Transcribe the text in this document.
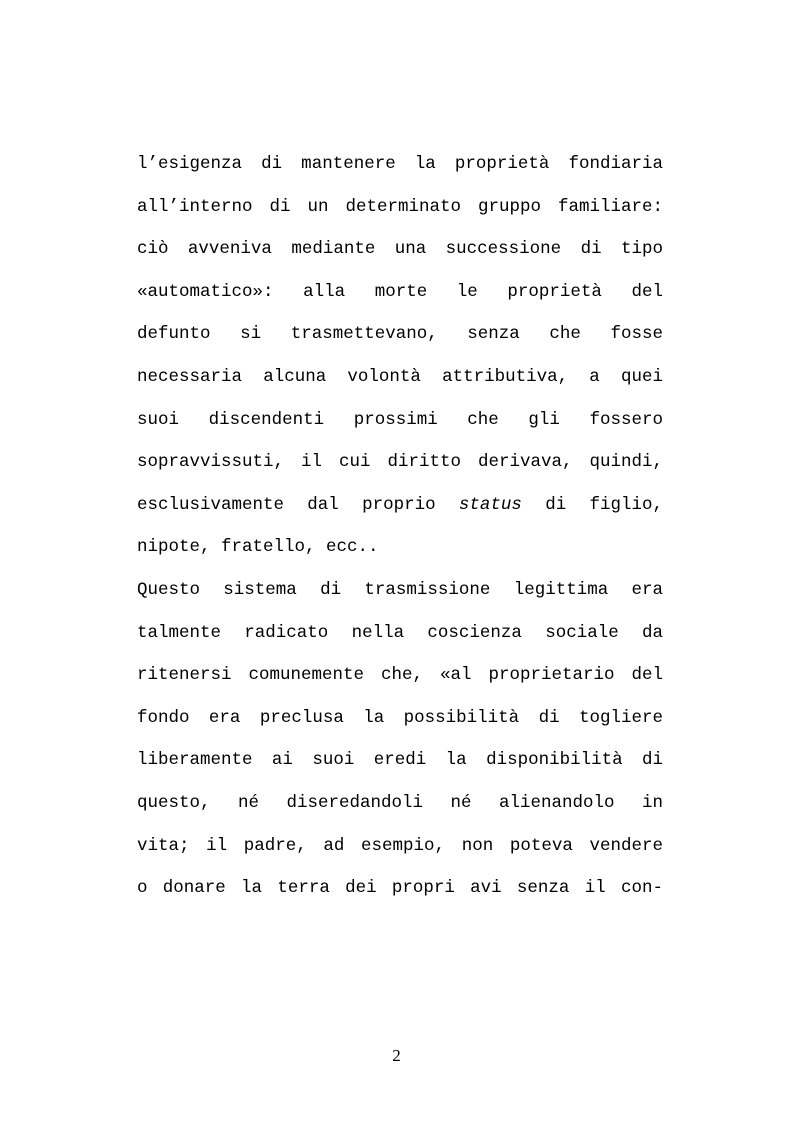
l’esigenza di mantenere la proprietà fondiaria
all’interno di un determinato gruppo familiare:
ciò avveniva mediante una successione di tipo
«automatico»: alla morte le proprietà del
defunto si trasmettevano, senza che fosse
necessaria alcuna volontà attributiva, a quei
suoi discendenti prossimi che gli fossero
sopravvissuti, il cui diritto derivava, quindi,
esclusivamente dal proprio status di figlio,
nipote, fratello, ecc..
Questo sistema di trasmissione legittima era
talmente radicato nella coscienza sociale da
ritenersi comunemente che, «al proprietario del
fondo era preclusa la possibilità di togliere
liberamente ai suoi eredi la disponibilità di
questo, né diseredandoli né alienandolo in
vita; il padre, ad esempio, non poteva vendere
o donare la terra dei propri avi senza il con-
2
